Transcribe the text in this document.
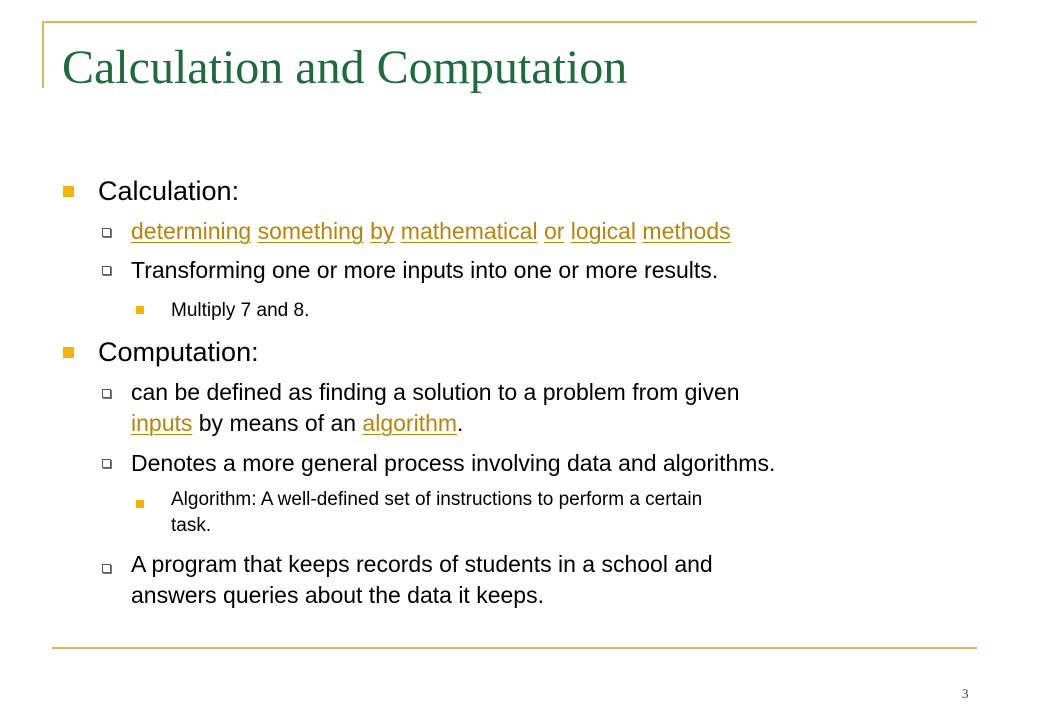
Calculation and Computation
Calculation:
determining something by mathematical or logical methods
Transforming one or more inputs into one or more results.
Multiply 7 and 8.
Computation:
can be defined as finding a solution to a problem from given
inputs by means of an algorithm.
Denotes a more general process involving data and algorithms.
Algorithm: A well-defined set of instructions to perform a certain
task.
A program that keeps records of students in a school and
answers queries about the data it keeps.
3
